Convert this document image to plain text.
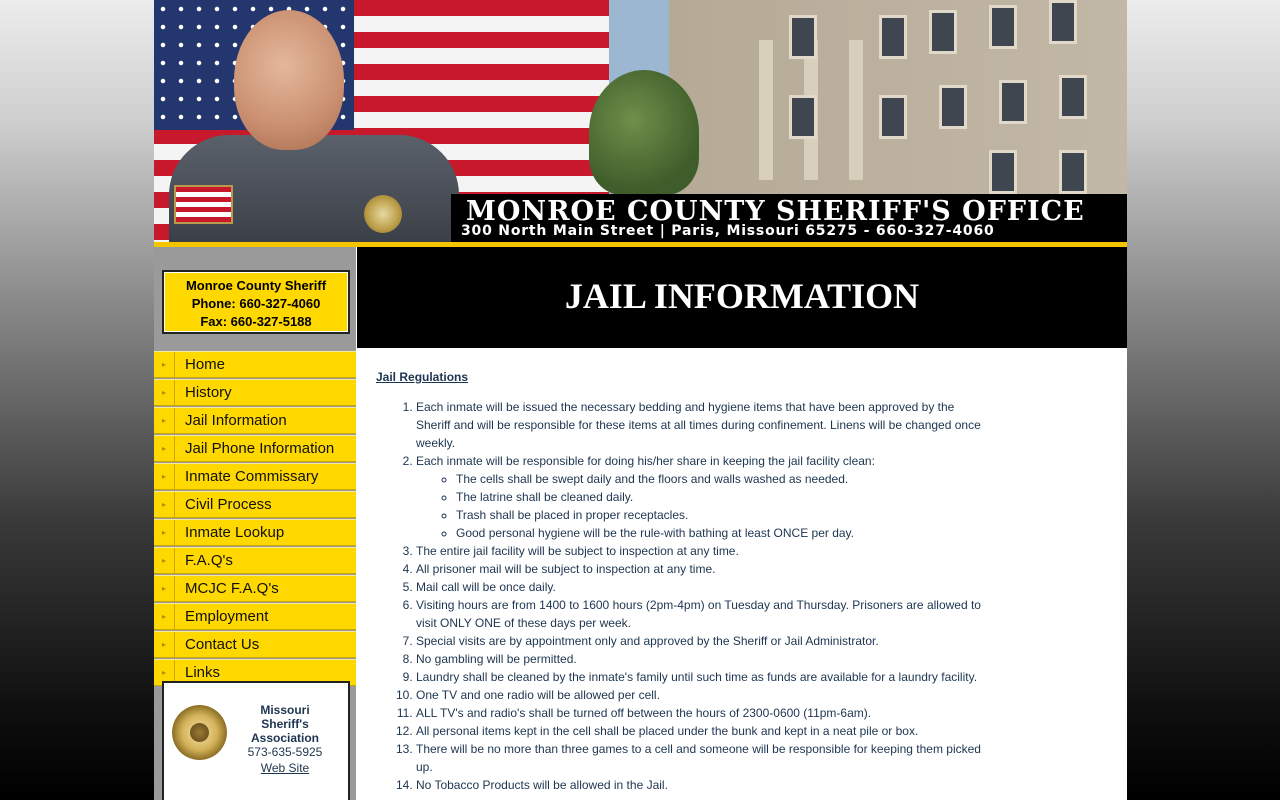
MONROE COUNTY SHERIFF'S OFFICE
300 North Main Street | Paris, Missouri 65275 - 660-327-4060
Monroe County Sheriff
Phone: 660-327-4060
Fax: 660-327-5188
▸	Home
▸	History
▸	Jail Information
▸	Jail Phone Information
▸	Inmate Commissary
▸	Civil Process
▸	Inmate Lookup
▸	F.A.Q's
▸	MCJC F.A.Q's
▸	Employment
▸	Contact Us
▸	Links
Missouri
Sheriff's
Association
573-635-5925
Web Site
JAIL INFORMATION
Jail Regulations
1. Each inmate will be issued the necessary bedding and hygiene items that have been approved by the Sheriff and will be responsible for these items at all times during confinement. Linens will be changed once weekly.
2. Each inmate will be responsible for doing his/her share in keeping the jail facility clean:
◦ The cells shall be swept daily and the floors and walls washed as needed.
◦ The latrine shall be cleaned daily.
◦ Trash shall be placed in proper receptacles.
◦ Good personal hygiene will be the rule-with bathing at least ONCE per day.
3. The entire jail facility will be subject to inspection at any time.
4. All prisoner mail will be subject to inspection at any time.
5. Mail call will be once daily.
6. Visiting hours are from 1400 to 1600 hours (2pm-4pm) on Tuesday and Thursday. Prisoners are allowed to visit ONLY ONE of these days per week.
7. Special visits are by appointment only and approved by the Sheriff or Jail Administrator.
8. No gambling will be permitted.
9. Laundry shall be cleaned by the inmate's family until such time as funds are available for a laundry facility.
10. One TV and one radio will be allowed per cell.
11. ALL TV's and radio's shall be turned off between the hours of 2300-0600 (11pm-6am).
12. All personal items kept in the cell shall be placed under the bunk and kept in a neat pile or box.
13. There will be no more than three games to a cell and someone will be responsible for keeping them picked up.
14. No Tobacco Products will be allowed in the Jail.
